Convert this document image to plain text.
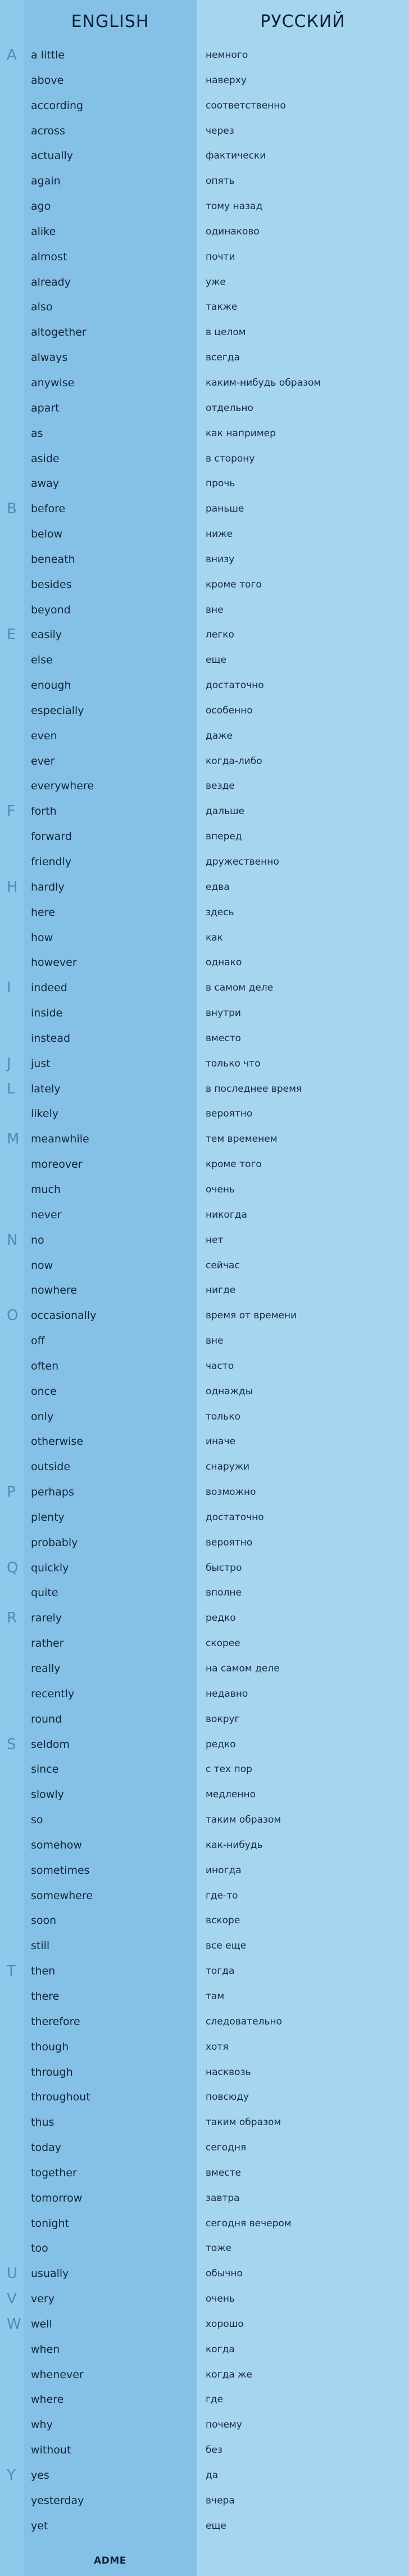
ENGLISH	РУССКИЙ
A	a little	немного
above	наверху
according	соответственно
across	через
actually	фактически
again	опять
ago	тому назад
alike	одинаково
almost	почти
already	уже
also	также
altogether	в целом
always	всегда
anywise	каким-нибудь образом
apart	отдельно
as	как например
aside	в сторону
away	прочь
B	before	раньше
below	ниже
beneath	внизу
besides	кроме того
beyond	вне
E	easily	легко
else	еще
enough	достаточно
especially	особенно
even	даже
ever	когда-либо
everywhere	везде
F	forth	дальше
forward	вперед
friendly	дружественно
H	hardly	едва
here	здесь
how	как
however	однако
I	indeed	в самом деле
inside	внутри
instead	вместо
J	just	только что
L	lately	в последнее время
likely	вероятно
M	meanwhile	тем временем
moreover	кроме того
much	очень
never	никогда
N	no	нет
now	сейчас
nowhere	нигде
O	occasionally	время от времени
off	вне
often	часто
once	однажды
only	только
otherwise	иначе
outside	снаружи
P	perhaps	возможно
plenty	достаточно
probably	вероятно
Q	quickly	быстро
quite	вполне
R	rarely	редко
rather	скорее
really	на самом деле
recently	недавно
round	вокруг
S	seldom	редко
since	с тех пор
slowly	медленно
so	таким образом
somehow	как-нибудь
sometimes	иногда
somewhere	где-то
soon	вскоре
still	все еще
T	then	тогда
there	там
therefore	следовательно
though	хотя
through	насквозь
throughout	повсюду
thus	таким образом
today	сегодня
together	вместе
tomorrow	завтра
tonight	сегодня вечером
too	тоже
U	usually	обычно
V	very	очень
W well	хорошо
when	когда
whenever	когда же
where	где
why	почему
without	без
Y	yes	да
yesterday	вчера
yet	еще
ADME
